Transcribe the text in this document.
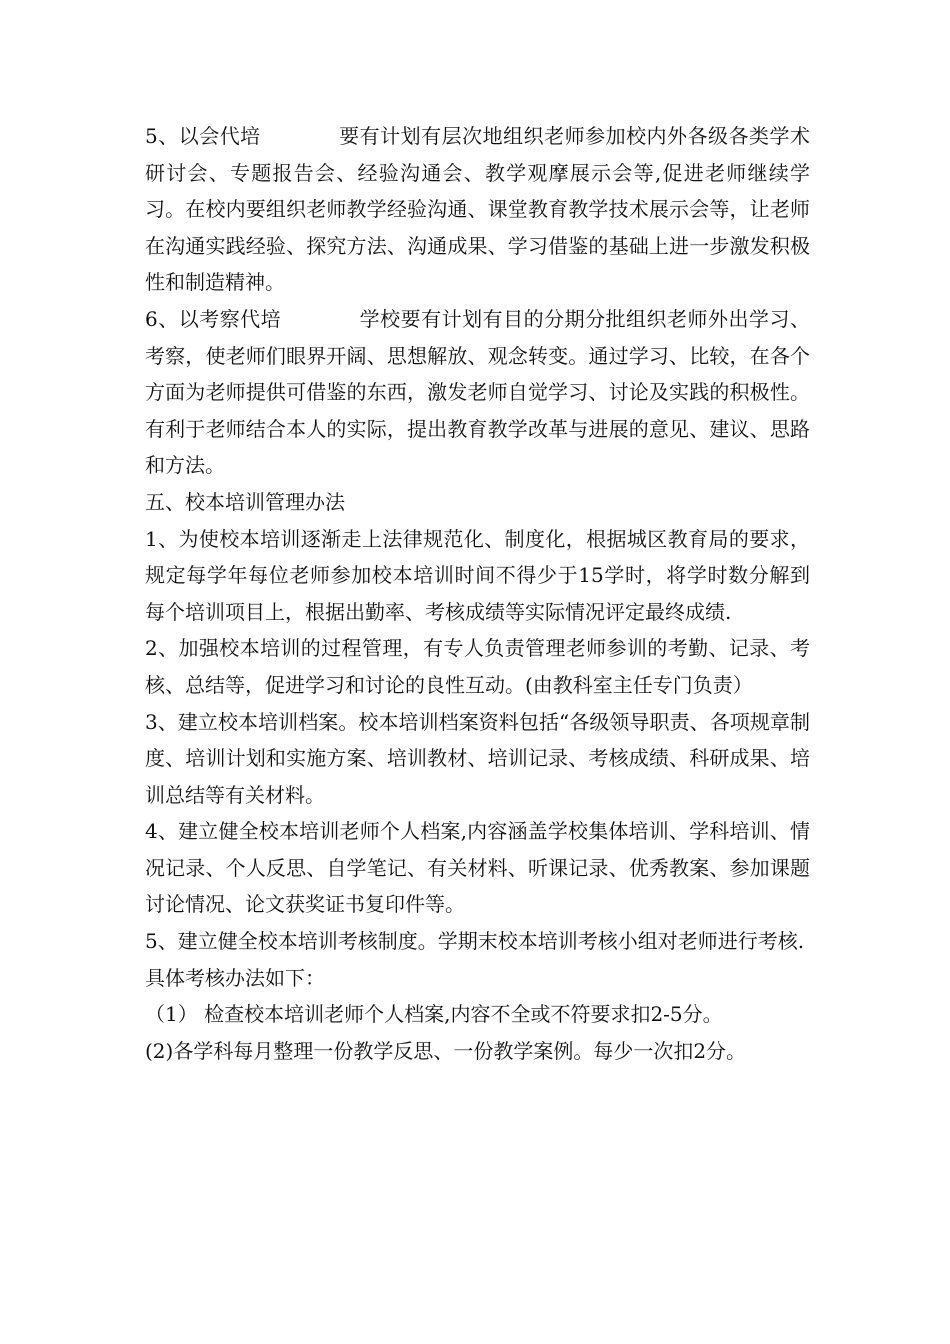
5、以会代培	要有计划有层次地组织老师参加校内外各级各类学术研讨会、专题报告会、经验沟通会、教学观摩展示会等,促进老师继续学习。在校内要组织老师教学经验沟通、课堂教育教学技术展示会等，让老师在沟通实践经验、探究方法、沟通成果、学习借鉴的基础上进一步激发积极性和制造精神。

6、以考察代培	学校要有计划有目的分期分批组织老师外出学习、考察，使老师们眼界开阔、思想解放、观念转变。通过学习、比较，在各个方面为老师提供可借鉴的东西，激发老师自觉学习、讨论及实践的积极性。有利于老师结合本人的实际，提出教育教学改革与进展的意见、建议、思路和方法。

五、校本培训管理办法

1、为使校本培训逐渐走上法律规范化、制度化，根据城区教育局的要求，规定每学年每位老师参加校本培训时间不得少于15学时，将学时数分解到每个培训项目上，根据出勤率、考核成绩等实际情况评定最终成绩.

2、加强校本培训的过程管理，有专人负责管理老师参训的考勤、记录、考核、总结等，促进学习和讨论的良性互动。(由教科室主任专门负责）

3、建立校本培训档案。校本培训档案资料包括“各级领导职责、各项规章制度、培训计划和实施方案、培训教材、培训记录、考核成绩、科研成果、培训总结等有关材料。

4、建立健全校本培训老师个人档案,内容涵盖学校集体培训、学科培训、情况记录、个人反思、自学笔记、有关材料、听课记录、优秀教案、参加课题讨论情况、论文获奖证书复印件等。

5、建立健全校本培训考核制度。学期末校本培训考核小组对老师进行考核.

具体考核办法如下：

（1） 检查校本培训老师个人档案,内容不全或不符要求扣2-5分。

(2)各学科每月整理一份教学反思、一份教学案例。每少一次扣2分。
